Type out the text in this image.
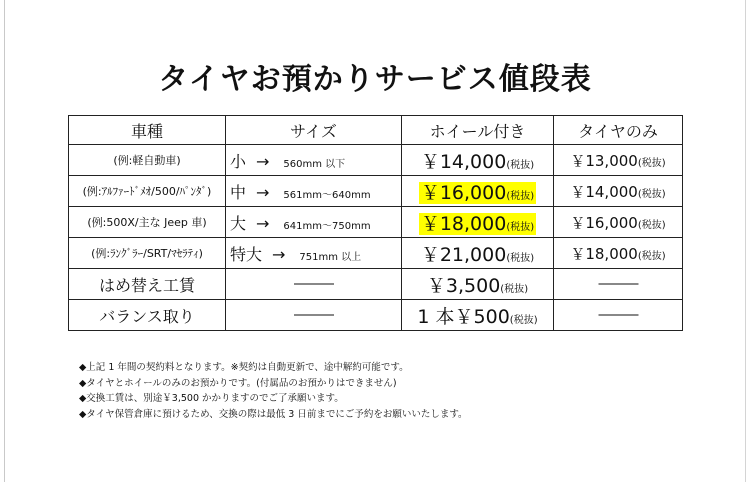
タイヤお預かりサービス値段表
車種	サイズ	ホイール付き	タイヤのみ
(例:軽自動車)	小 → 560mm 以下	￥14,000(税抜)	￥13,000(税抜)
(例:ｱﾙﾌｧｰﾄﾞﾒｵ/500/ﾊﾟﾝﾀﾞ)	中 → 561mm～640mm	￥16,000(税抜)	￥14,000(税抜)
(例:500X/主な Jeep 車)	大 → 641mm～750mm	￥18,000(税抜)	￥16,000(税抜)
(例:ﾗﾝｸﾞﾗｰ/SRT/ﾏｾﾗﾃｨ)	特大 → 751mm 以上	￥21,000(税抜)	￥18,000(税抜)
はめ替え工賃	―――	￥3,500(税抜)	―――
バランス取り	―――	1 本￥500(税抜)	―――

◆上記 1 年間の契約料となります。※契約は自動更新で、途中解約可能です。

◆タイヤとホイールのみのお預かりです。(付属品のお預かりはできません)

◆交換工賃は、別途￥3,500 かかりますのでご了承願います。

◆タイヤ保管倉庫に預けるため、交換の際は最低 3 日前までにご予約をお願いいたします。
